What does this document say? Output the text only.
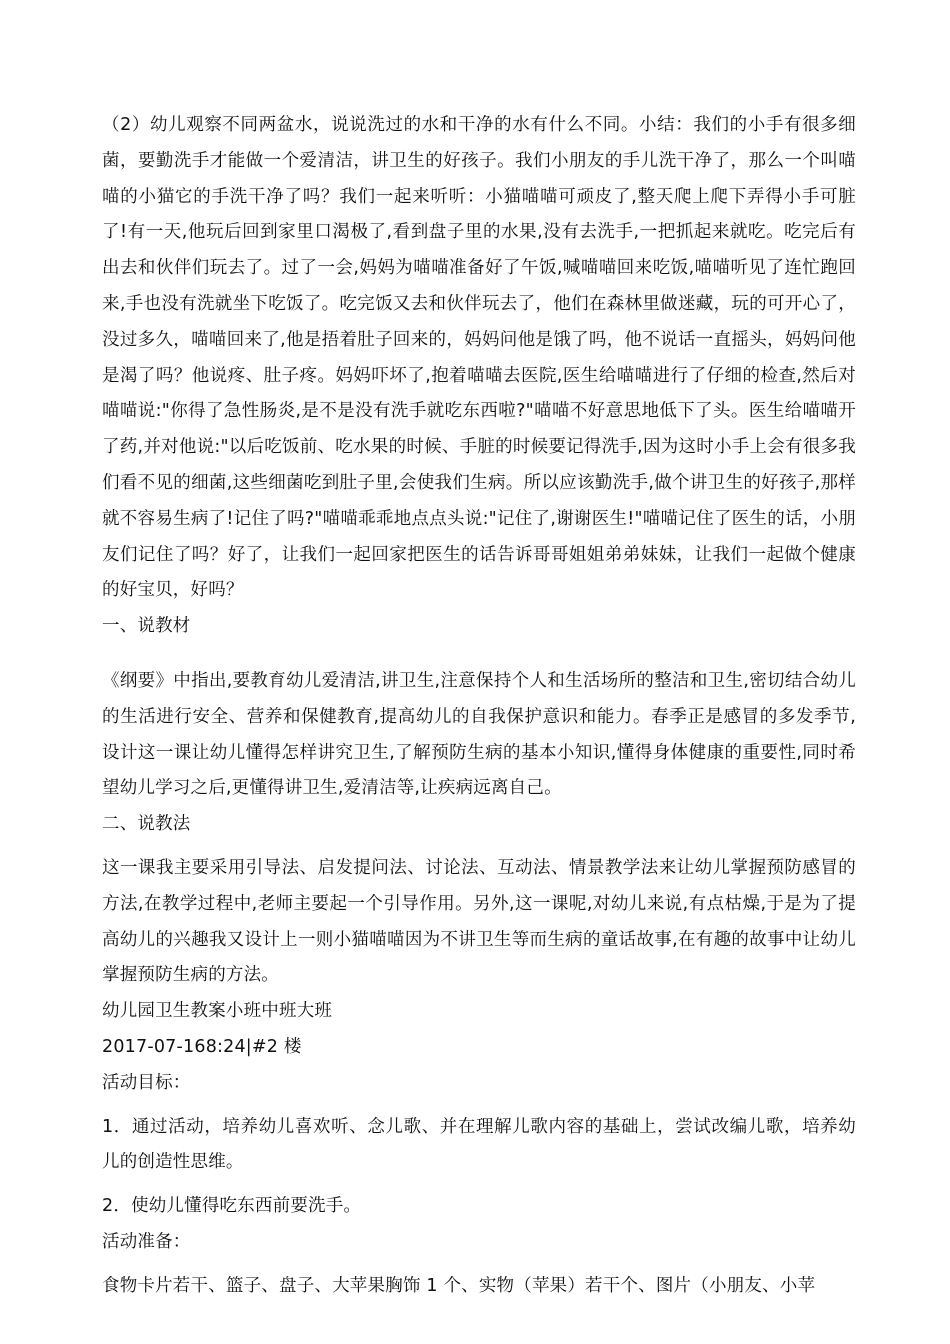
（2）幼儿观察不同两盆水，说说洗过的水和干净的水有什么不同。小结：我们的小手有很多细菌，要勤洗手才能做一个爱清洁，讲卫生的好孩子。我们小朋友的手儿洗干净了，那么一个叫喵喵的小猫它的手洗干净了吗？我们一起来听听：小猫喵喵可顽皮了,整天爬上爬下弄得小手可脏了!有一天,他玩后回到家里口渴极了,看到盘子里的水果,没有去洗手,一把抓起来就吃。吃完后有出去和伙伴们玩去了。过了一会,妈妈为喵喵准备好了午饭,喊喵喵回来吃饭,喵喵听见了连忙跑回来,手也没有洗就坐下吃饭了。吃完饭又去和伙伴玩去了，他们在森林里做迷藏，玩的可开心了，没过多久，喵喵回来了,他是捂着肚子回来的，妈妈问他是饿了吗，他不说话一直摇头，妈妈问他是渴了吗？他说疼、肚子疼。妈妈吓坏了,抱着喵喵去医院,医生给喵喵进行了仔细的检查,然后对喵喵说:"你得了急性肠炎,是不是没有洗手就吃东西啦?"喵喵不好意思地低下了头。医生给喵喵开了药,并对他说:"以后吃饭前、吃水果的时候、手脏的时候要记得洗手,因为这时小手上会有很多我们看不见的细菌,这些细菌吃到肚子里,会使我们生病。所以应该勤洗手,做个讲卫生的好孩子,那样就不容易生病了!记住了吗?"喵喵乖乖地点点头说:"记住了,谢谢医生!"喵喵记住了医生的话，小朋友们记住了吗？好了，让我们一起回家把医生的话告诉哥哥姐姐弟弟妹妹，让我们一起做个健康的好宝贝，好吗？

一、说教材

《纲要》中指出,要教育幼儿爱清洁,讲卫生,注意保持个人和生活场所的整洁和卫生,密切结合幼儿的生活进行安全、营养和保健教育,提高幼儿的自我保护意识和能力。春季正是感冒的多发季节,设计这一课让幼儿懂得怎样讲究卫生,了解预防生病的基本小知识,懂得身体健康的重要性,同时希望幼儿学习之后,更懂得讲卫生,爱清洁等,让疾病远离自己。

二、说教法

这一课我主要采用引导法、启发提问法、讨论法、互动法、情景教学法来让幼儿掌握预防感冒的方法,在教学过程中,老师主要起一个引导作用。另外,这一课呢,对幼儿来说,有点枯燥,于是为了提高幼儿的兴趣我又设计上一则小猫喵喵因为不讲卫生等而生病的童话故事,在有趣的故事中让幼儿掌握预防生病的方法。

幼儿园卫生教案小班中班大班

2017-07-168:24|#2 楼

活动目标：

1．通过活动，培养幼儿喜欢听、念儿歌、并在理解儿歌内容的基础上，尝试改编儿歌，培养幼儿的创造性思维。

2．使幼儿懂得吃东西前要洗手。

活动准备：

食物卡片若干、篮子、盘子、大苹果胸饰 1 个、实物（苹果）若干个、图片（小朋友、小苹
